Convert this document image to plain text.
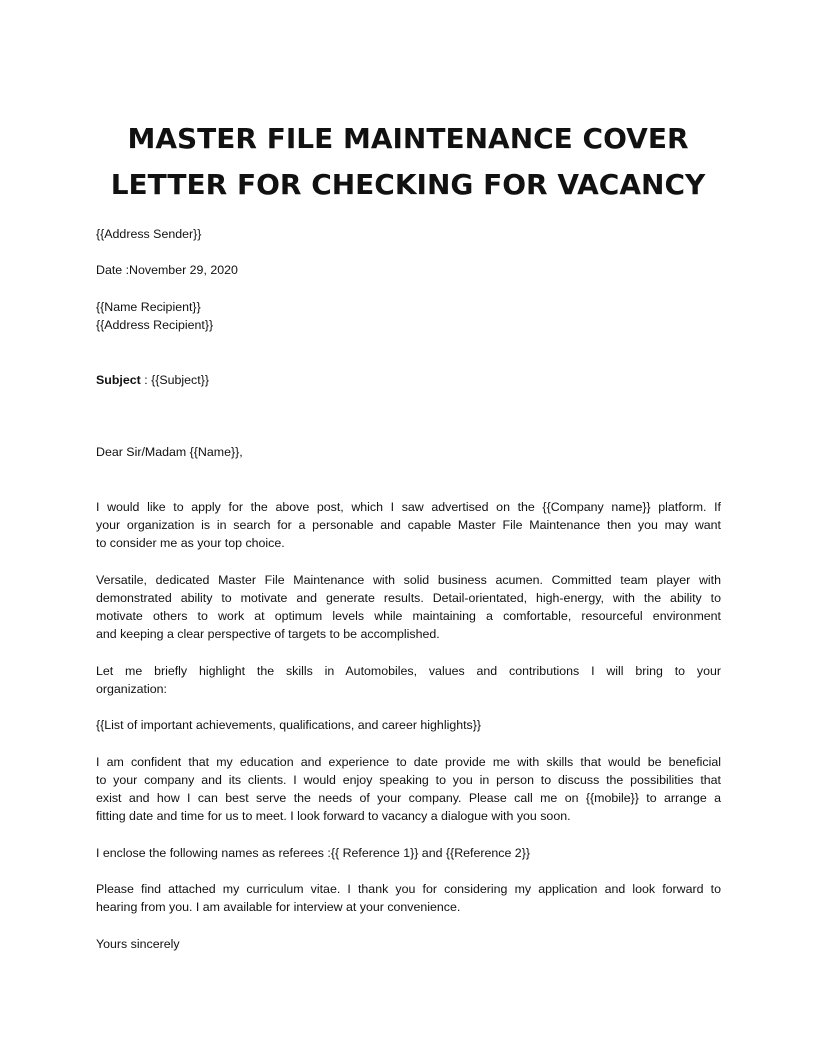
MASTER FILE MAINTENANCE COVER
LETTER FOR CHECKING FOR VACANCY
{{Address Sender}}
Date :November 29, 2020
{{Name Recipient}}
{{Address Recipient}}
Subject : {{Subject}}
Dear Sir/Madam {{Name}},
I would like to apply for the above post, which I saw advertised on the {{Company name}} platform. If
your organization is in search for a personable and capable Master File Maintenance then you may want
to consider me as your top choice.
Versatile, dedicated Master File Maintenance with solid business acumen. Committed team player with
demonstrated ability to motivate and generate results. Detail-orientated, high-energy, with the ability to
motivate others to work at optimum levels while maintaining a comfortable, resourceful environment
and keeping a clear perspective of targets to be accomplished.
Let me briefly highlight the skills in Automobiles, values and contributions I will bring to your
organization:
{{List of important achievements, qualifications, and career highlights}}
I am confident that my education and experience to date provide me with skills that would be beneficial
to your company and its clients. I would enjoy speaking to you in person to discuss the possibilities that
exist and how I can best serve the needs of your company. Please call me on {{mobile}} to arrange a
fitting date and time for us to meet. I look forward to vacancy a dialogue with you soon.
I enclose the following names as referees :{{ Reference 1}} and {{Reference 2}}
Please find attached my curriculum vitae. I thank you for considering my application and look forward to
hearing from you. I am available for interview at your convenience.
Yours sincerely
